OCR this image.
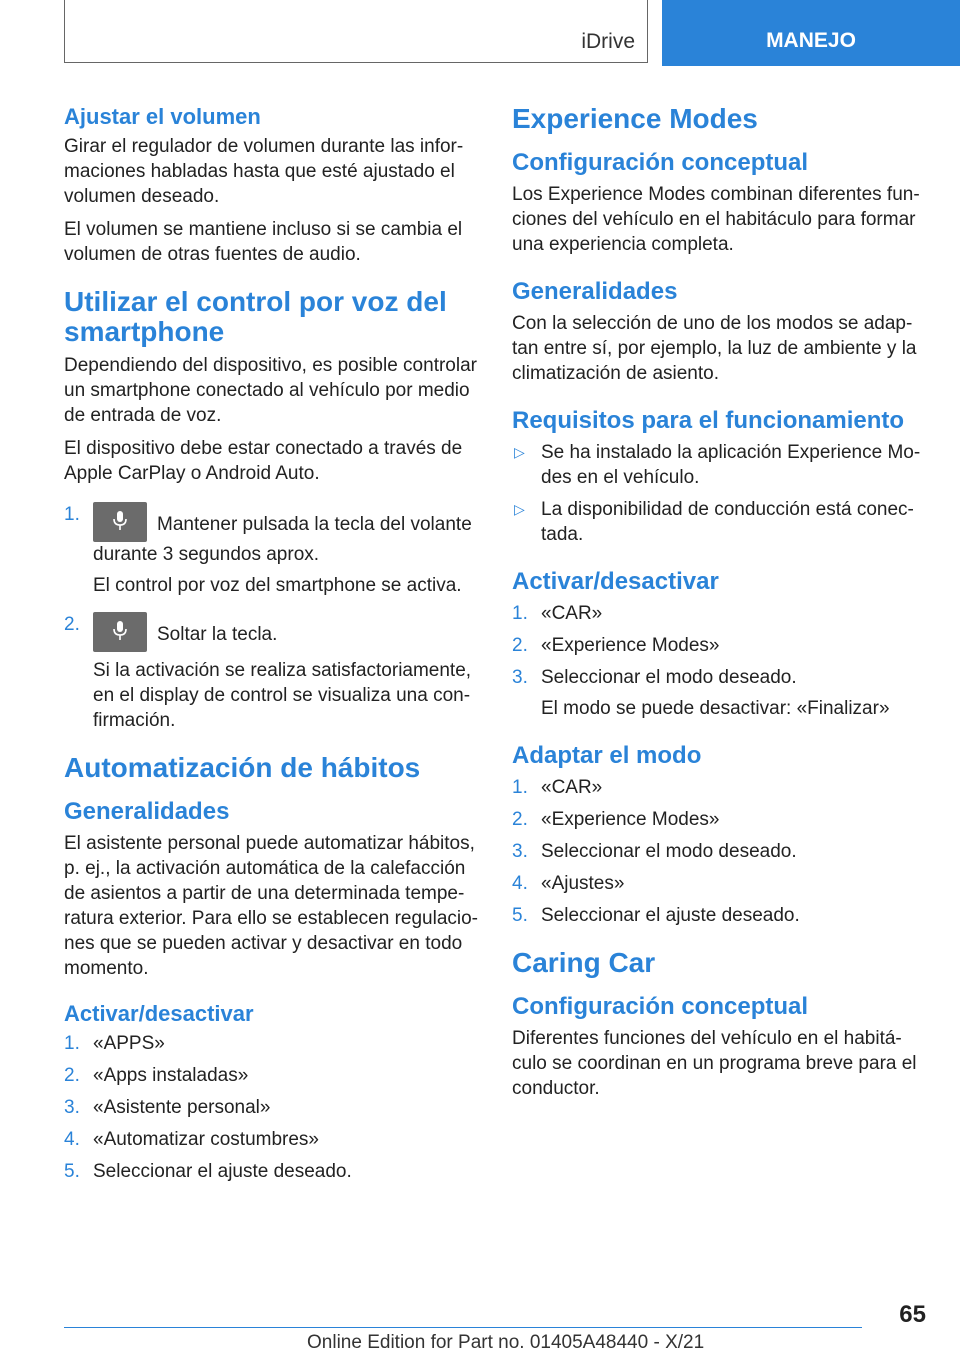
iDrive	MANEJO
Ajustar el volumen

Girar el regulador de volumen durante las infor-maciones habladas hasta que esté ajustado el volumen deseado.

El volumen se mantiene incluso si se cambia el volumen de otras fuentes de audio.

Utilizar el control por voz del smartphone

Dependiendo del dispositivo, es posible controlar un smartphone conectado al vehículo por medio de entrada de voz.

El dispositivo debe estar conectado a través de Apple CarPlay o Android Auto.

1.	Mantener pulsada la tecla del volante durante 3 segundos aprox.
El control por voz del smartphone se activa.
2.	Soltar la tecla.
Si la activación se realiza satisfactoriamente, en el display de control se visualiza una con-firmación.
Automatización de hábitos
Generalidades

El asistente personal puede automatizar hábitos, p. ej., la activación automática de la calefacción de asientos a partir de una determinada tempe-ratura exterior. Para ello se establecen regulacio-nes que se pueden activar y desactivar en todo momento.

Activar/desactivar
1. «APPS»
2. «Apps instaladas»
3. «Asistente personal»
4. «Automatizar costumbres»
5. Seleccionar el ajuste deseado.
Experience Modes
Configuración conceptual

Los Experience Modes combinan diferentes fun-ciones del vehículo en el habitáculo para formar una experiencia completa.

Generalidades

Con la selección de uno de los modos se adap-tan entre sí, por ejemplo, la luz de ambiente y la climatización de asiento.

Requisitos para el funcionamiento
▷ Se ha instalado la aplicación Experience Mo-des en el vehículo.
▷ La disponibilidad de conducción está conec-tada.
Activar/desactivar
1. «CAR»
2. «Experience Modes»
3. Seleccionar el modo deseado.
El modo se puede desactivar: «Finalizar»
Adaptar el modo
1. «CAR»
2. «Experience Modes»
3. Seleccionar el modo deseado.
4. «Ajustes»
5. Seleccionar el ajuste deseado.
Caring Car
Configuración conceptual

Diferentes funciones del vehículo en el habitá-culo se coordinan en un programa breve para el conductor.

65
Online Edition for Part no. 01405A48440 - X/21
